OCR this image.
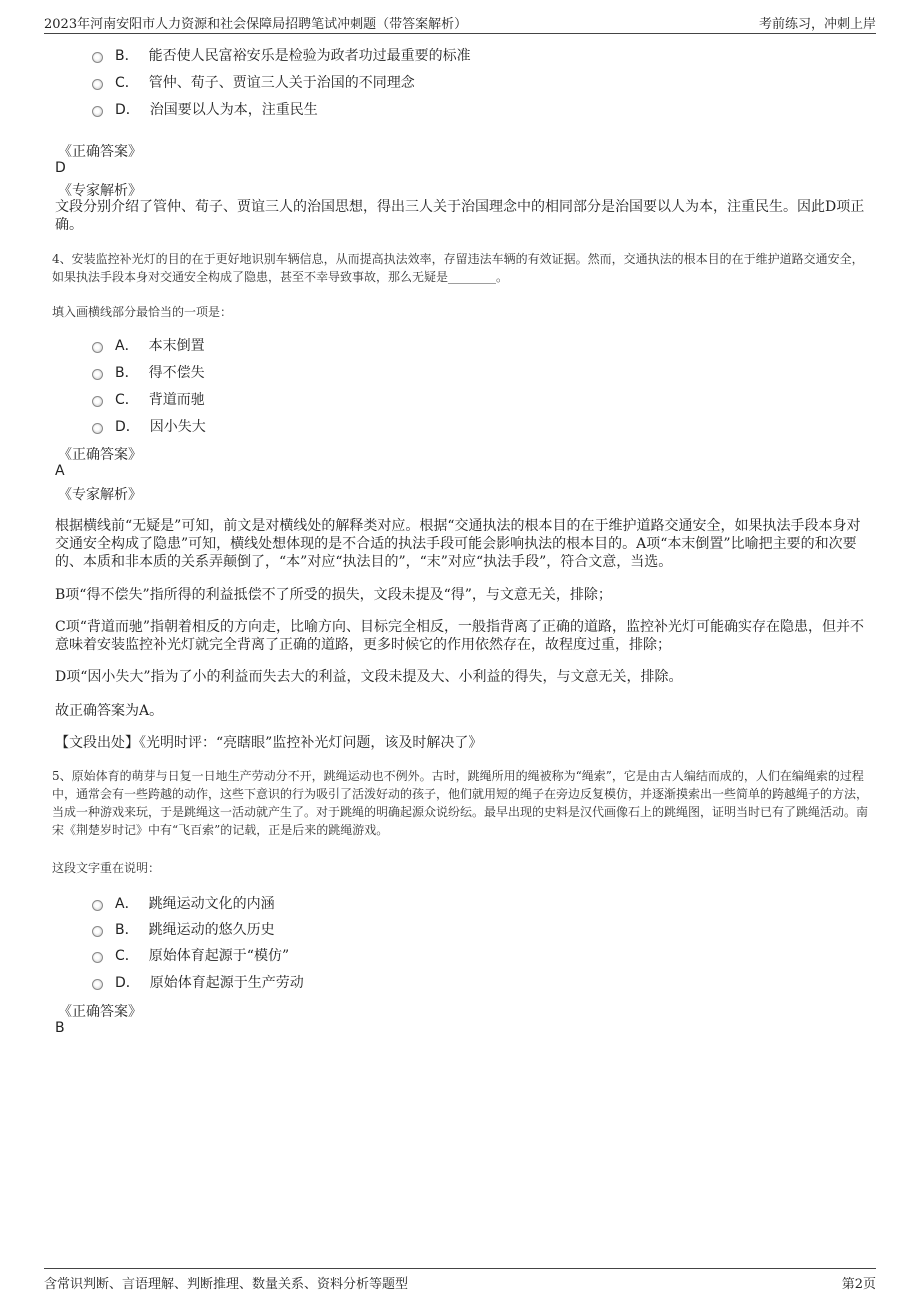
2023年河南安阳市人力资源和社会保障局招聘笔试冲刺题（带答案解析）	考前练习，冲刺上岸
B． 能否使人民富裕安乐是检验为政者功过最重要的标准
C． 管仲、荀子、贾谊三人关于治国的不同理念
D． 治国要以人为本，注重民生
《正确答案》
D
《专家解析》
文段分别介绍了管仲、荀子、贾谊三人的治国思想，得出三人关于治国理念中的相同部分是治国要以人为本，注重民生。因此D项正确。
4、安装监控补光灯的目的在于更好地识别车辆信息，从而提高执法效率，存留违法车辆的有效证据。然而，交通执法的根本目的在于维护道路交通安全，如果执法手段本身对交通安全构成了隐患，甚至不幸导致事故，那么无疑是________。
填入画横线部分最恰当的一项是：
A． 本末倒置
B． 得不偿失
C． 背道而驰
D． 因小失大
《正确答案》
A
《专家解析》
根据横线前“无疑是”可知，前文是对横线处的解释类对应。根据“交通执法的根本目的在于维护道路交通安全，如果执法手段本身对交通安全构成了隐患”可知，横线处想体现的是不合适的执法手段可能会影响执法的根本目的。A项“本末倒置”比喻把主要的和次要的、本质和非本质的关系弄颠倒了，“本”对应“执法目的”，“末”对应“执法手段”，符合文意，当选。
B项“得不偿失”指所得的利益抵偿不了所受的损失，文段未提及“得”，与文意无关，排除；
C项“背道而驰”指朝着相反的方向走，比喻方向、目标完全相反，一般指背离了正确的道路，监控补光灯可能确实存在隐患，但并不意味着安装监控补光灯就完全背离了正确的道路，更多时候它的作用依然存在，故程度过重，排除；
D项“因小失大”指为了小的利益而失去大的利益，文段未提及大、小利益的得失，与文意无关，排除。
故正确答案为A。
【文段出处】《光明时评：“亮瞎眼”监控补光灯问题，该及时解决了》
5、原始体育的萌芽与日复一日地生产劳动分不开，跳绳运动也不例外。古时，跳绳所用的绳被称为“绳索”，它是由古人编结而成的，人们在编绳索的过程中，通常会有一些跨越的动作，这些下意识的行为吸引了活泼好动的孩子，他们就用短的绳子在旁边反复模仿，并逐渐摸索出一些简单的跨越绳子的方法，当成一种游戏来玩，于是跳绳这一活动就产生了。对于跳绳的明确起源众说纷纭。最早出现的史料是汉代画像石上的跳绳图，证明当时已有了跳绳活动。南宋《荆楚岁时记》中有“飞百索”的记载，正是后来的跳绳游戏。
这段文字重在说明：
A． 跳绳运动文化的内涵
B． 跳绳运动的悠久历史
C． 原始体育起源于“模仿”
D． 原始体育起源于生产劳动
《正确答案》
B
含常识判断、言语理解、判断推理、数量关系、资料分析等题型	第2页
